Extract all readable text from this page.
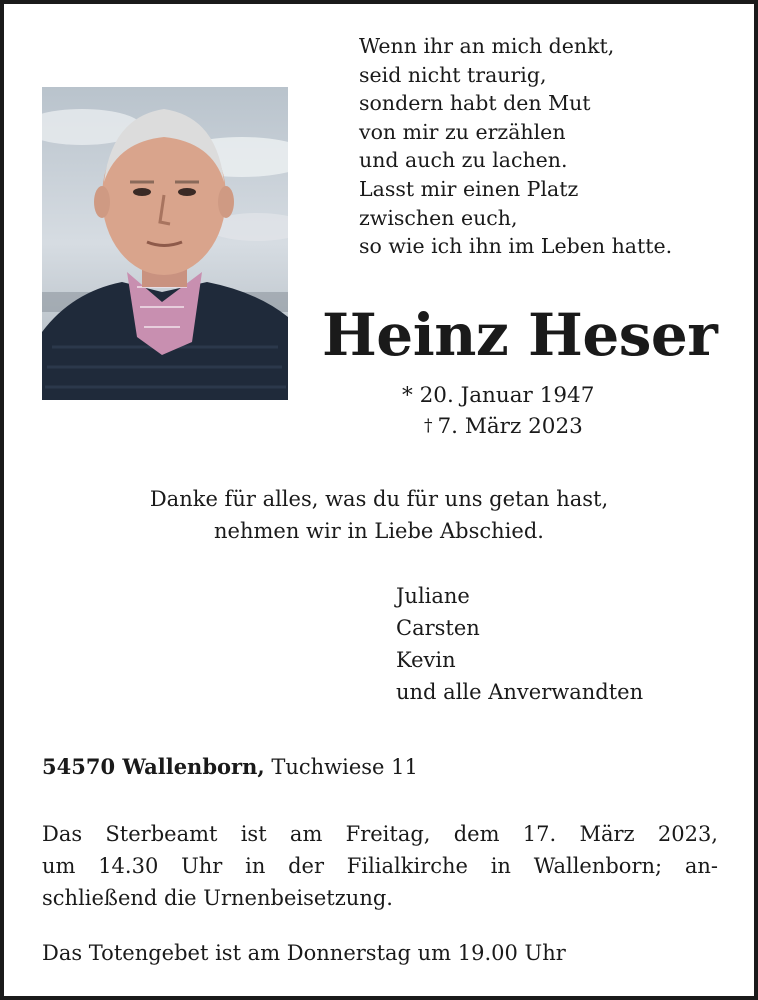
Wenn ihr an mich denkt,
seid nicht traurig,
sondern habt den Mut
von mir zu erzählen
und auch zu lachen.
Lasst mir einen Platz
zwischen euch,
so wie ich ihn im Leben hatte.
Heinz Heser
* 20. Januar 1947
† 7. März 2023
Danke für alles, was du für uns getan hast,
nehmen wir in Liebe Abschied.
Juliane
Carsten
Kevin
und alle Anverwandten
54570 Wallenborn, Tuchwiese 11
Das Sterbeamt ist am Freitag, dem 17. März 2023,
um 14.30 Uhr in der Filialkirche in Wallenborn; an-
schließend die Urnenbeisetzung.
Das Totengebet ist am Donnerstag um 19.00 Uhr
